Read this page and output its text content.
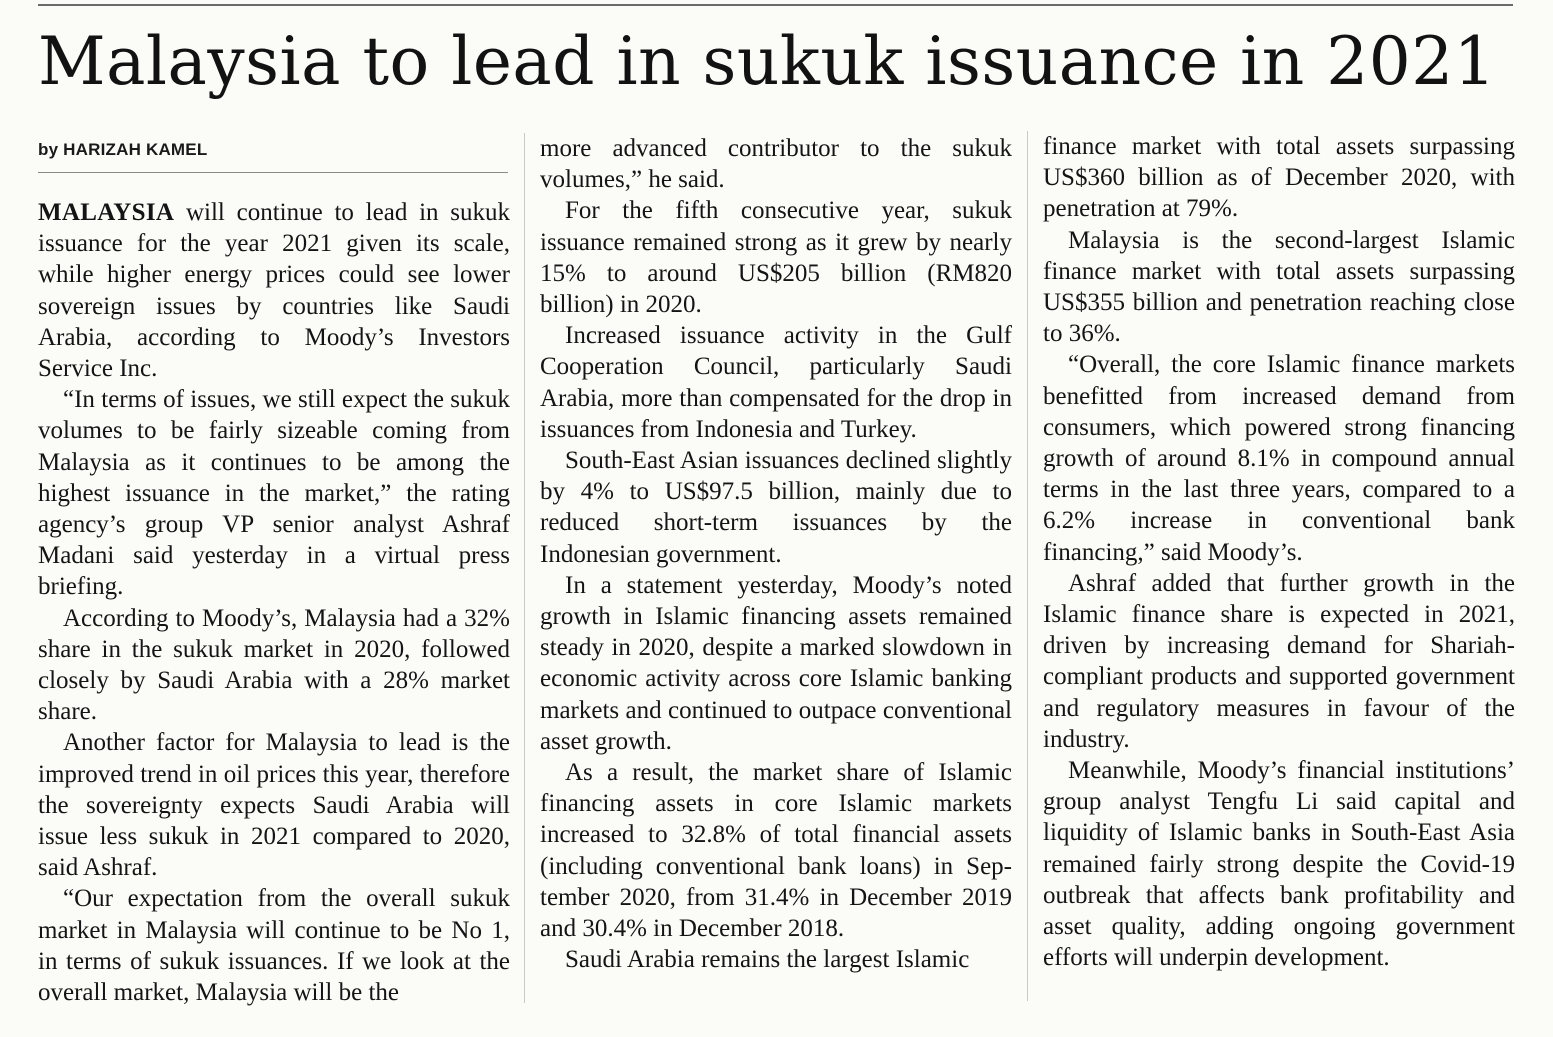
Malaysia to lead in sukuk issuance in 2021
by HARIZAH KAMEL

MALAYSIA will continue to lead in sukuk issuance for the year 2021 given its scale, while higher energy prices could see lower sovereign issues by countries like Saudi Arabia, according to Moody’s Investors Service Inc.

“In terms of issues, we still expect the sukuk volumes to be fairly sizeable coming from Malaysia as it continues to be among the highest issuance in the market,” the rating agency’s group VP senior analyst Ashraf Madani said yesterday in a virtual press briefing.

According to Moody’s, Malaysia had a 32% share in the sukuk market in 2020, followed closely by Saudi Arabia with a 28% market share.

Another factor for Malaysia to lead is the improved trend in oil prices this year, therefore the sovereignty expects Saudi Arabia will issue less sukuk in 2021 compared to 2020, said Ashraf.

“Our expectation from the overall sukuk market in Malaysia will continue to be No 1, in terms of sukuk issuances. If we look at the overall market, Malaysia will be the

more advanced contributor to the sukuk volumes,” he said.

For the fifth consecutive year, sukuk issuance remained strong as it grew by nearly 15% to around US$205 billion (RM820 billion) in 2020.

Increased issuance activity in the Gulf Cooperation Council, particularly Saudi Arabia, more than compensated for the drop in issuances from Indonesia and Turkey.

South-East Asian issuances declined slightly by 4% to US$97.5 billion, mainly due to reduced short-term issuances by the Indonesian government.

In a statement yesterday, Moody’s noted growth in Islamic financing assets remained steady in 2020, despite a marked slowdown in economic activity across core Islamic banking markets and continued to outpace conventional asset growth.

As a result, the market share of Islamic financing assets in core Islamic markets increased to 32.8% of total financial assets (including conventional bank loans) in September 2020, from 31.4% in December 2019 and 30.4% in December 2018.

Saudi Arabia remains the largest Islamic

finance market with total assets surpassing US$360 billion as of December 2020, with penetration at 79%.

Malaysia is the second-largest Islamic finance market with total assets surpassing US$355 billion and penetration reaching close to 36%.

“Overall, the core Islamic finance markets benefitted from increased demand from consumers, which powered strong financing growth of around 8.1% in compound annual terms in the last three years, compared to a 6.2% increase in conventional bank financing,” said Moody’s.

Ashraf added that further growth in the Islamic finance share is expected in 2021, driven by increasing demand for Shariah-compliant products and supported government and regulatory measures in favour of the industry.

Meanwhile, Moody’s financial institutions’ group analyst Tengfu Li said capital and liquidity of Islamic banks in South-East Asia remained fairly strong despite the Covid-19 outbreak that affects bank profitability and asset quality, adding ongoing government efforts will underpin development.
